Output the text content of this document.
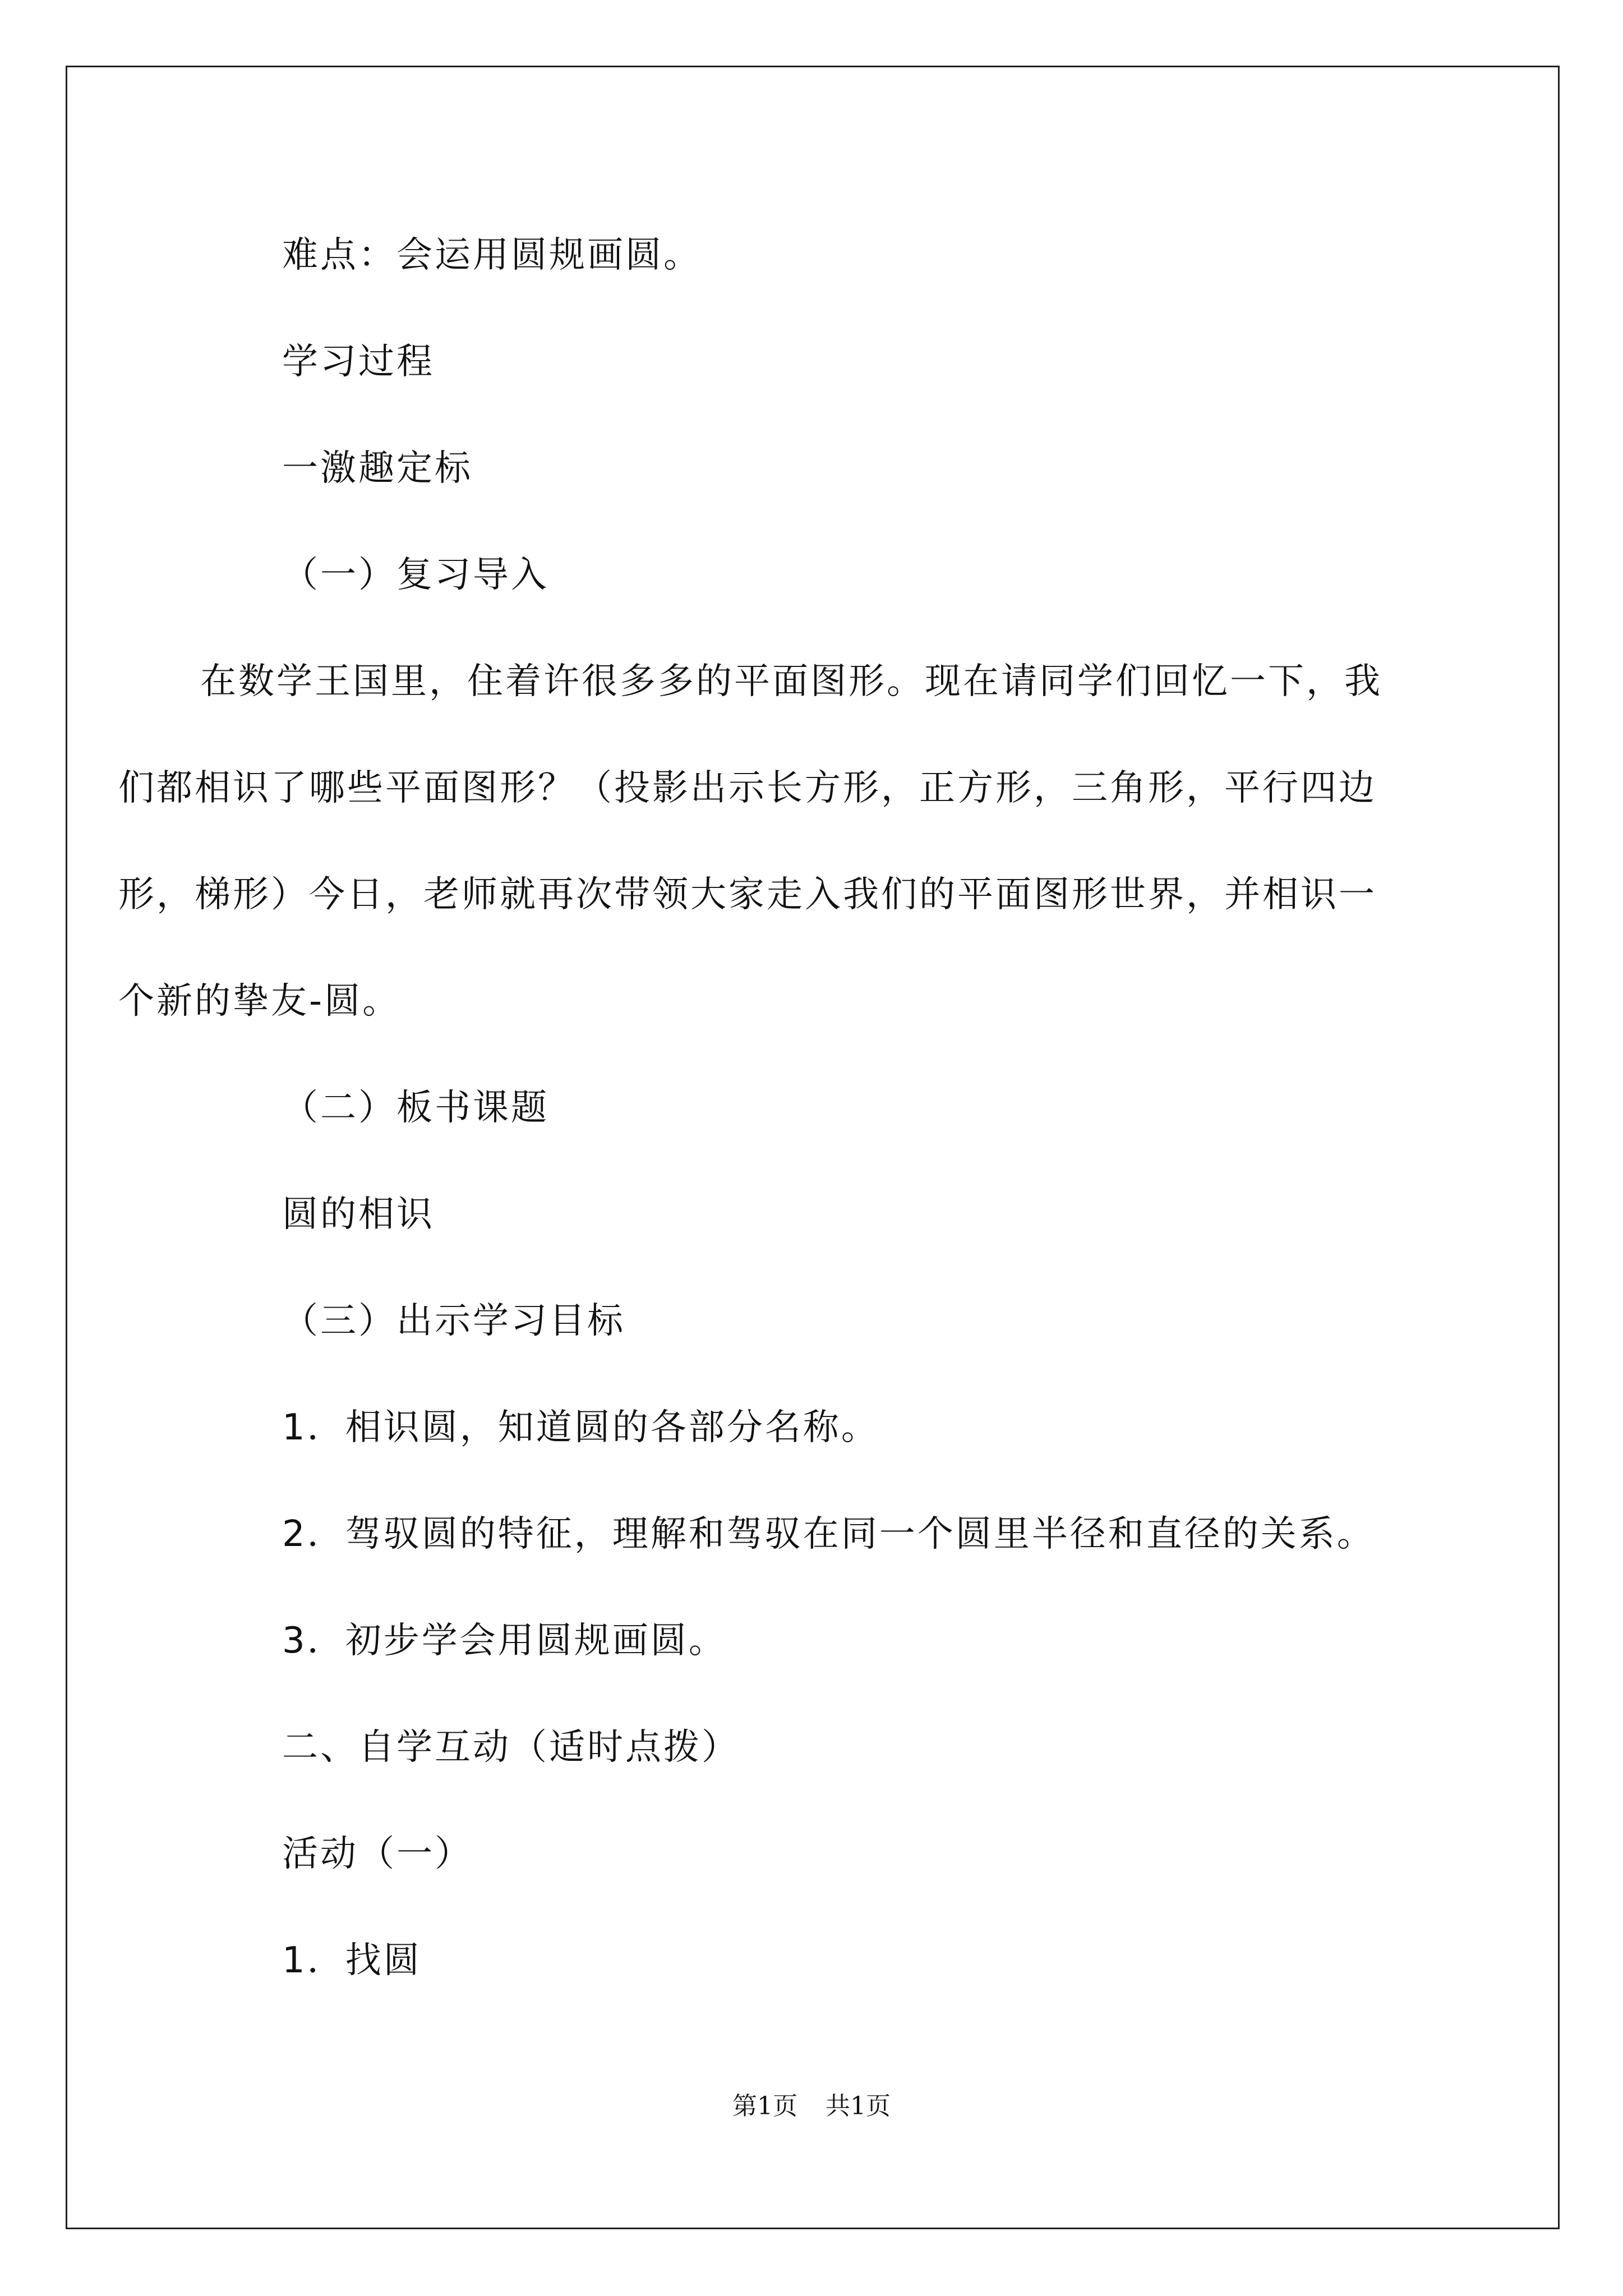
难点：会运用圆规画圆。

学习过程

一激趣定标

（一）复习导入

在数学王国里，住着许很多多的平面图形。现在请同学们回忆一下，我们都相识了哪些平面图形？（投影出示长方形，正方形，三角形，平行四边形，梯形）今日，老师就再次带领大家走入我们的平面图形世界，并相识一个新的挚友-圆。

（二）板书课题

圆的相识

（三）出示学习目标

1．相识圆，知道圆的各部分名称。

2．驾驭圆的特征，理解和驾驭在同一个圆里半径和直径的关系。

3．初步学会用圆规画圆。

二、自学互动（适时点拨）

活动（一）

1．找圆

第1页 共1页
